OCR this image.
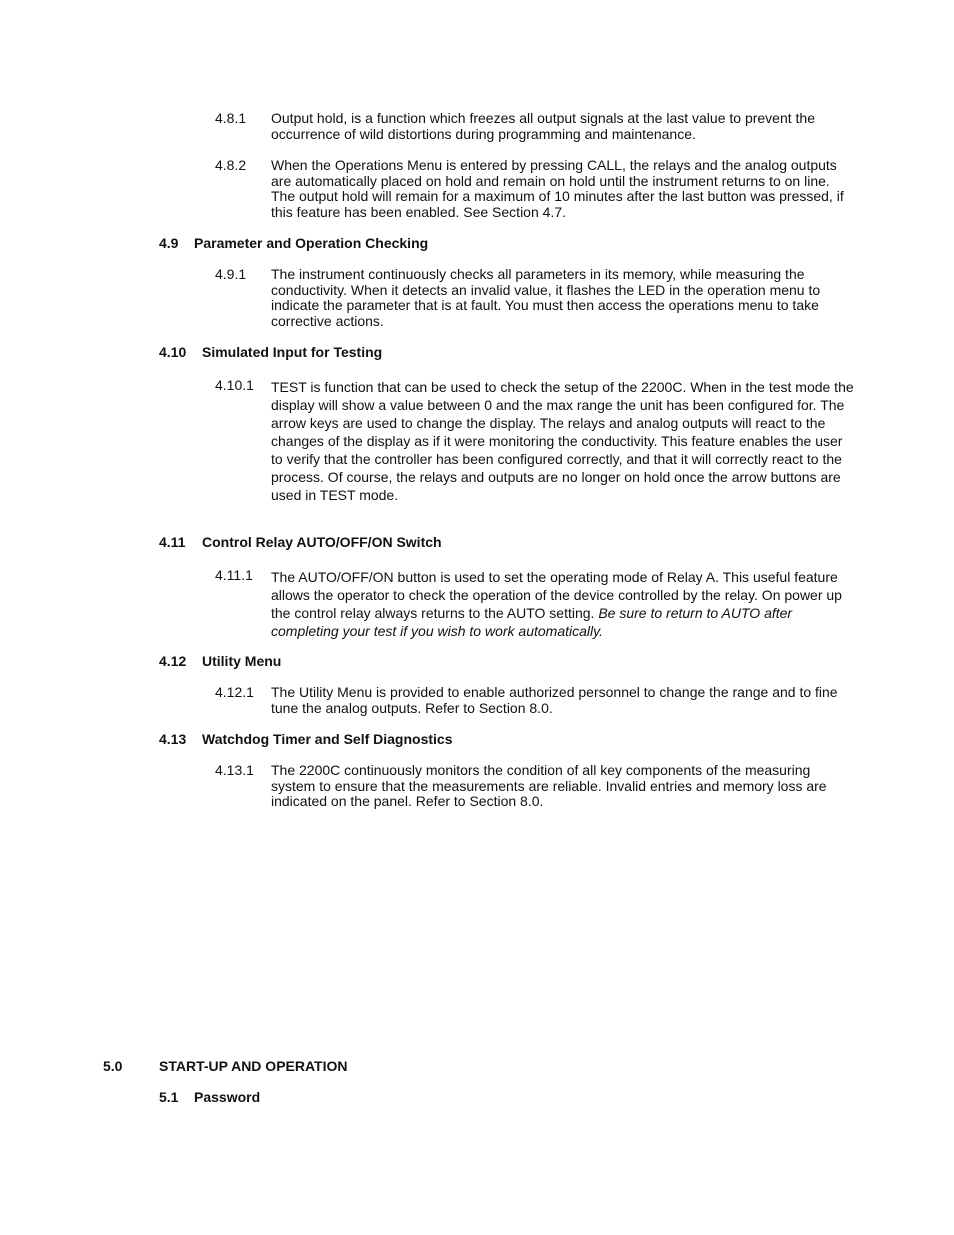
4.8.1 Output hold, is a function which freezes all output signals at the last value to prevent the occurrence of wild distortions during programming and maintenance.
4.8.2 When the Operations Menu is entered by pressing CALL, the relays and the analog outputs are automatically placed on hold and remain on hold until the instrument returns to on line. The output hold will remain for a maximum of 10 minutes after the last button was pressed, if this feature has been enabled. See Section 4.7.
4.9 Parameter and Operation Checking
4.9.1 The instrument continuously checks all parameters in its memory, while measuring the conductivity. When it detects an invalid value, it flashes the LED in the operation menu to indicate the parameter that is at fault. You must then access the operations menu to take corrective actions.
4.10 Simulated Input for Testing
4.10.1 TEST is function that can be used to check the setup of the 2200C. When in the test mode the display will show a value between 0 and the max range the unit has been configured for. The arrow keys are used to change the display. The relays and analog outputs will react to the changes of the display as if it were monitoring the conductivity. This feature enables the user to verify that the controller has been configured correctly, and that it will correctly react to the process. Of course, the relays and outputs are no longer on hold once the arrow buttons are used in TEST mode.
4.11 Control Relay AUTO/OFF/ON Switch
4.11.1 The AUTO/OFF/ON button is used to set the operating mode of Relay A. This useful feature allows the operator to check the operation of the device controlled by the relay. On power up the control relay always returns to the AUTO setting. Be sure to return to AUTO after completing your test if you wish to work automatically.
4.12 Utility Menu
4.12.1 The Utility Menu is provided to enable authorized personnel to change the range and to fine tune the analog outputs. Refer to Section 8.0.
4.13 Watchdog Timer and Self Diagnostics
4.13.1 The 2200C continuously monitors the condition of all key components of the measuring system to ensure that the measurements are reliable. Invalid entries and memory loss are indicated on the panel. Refer to Section 8.0.
5.0	START-UP AND OPERATION
5.1 Password
